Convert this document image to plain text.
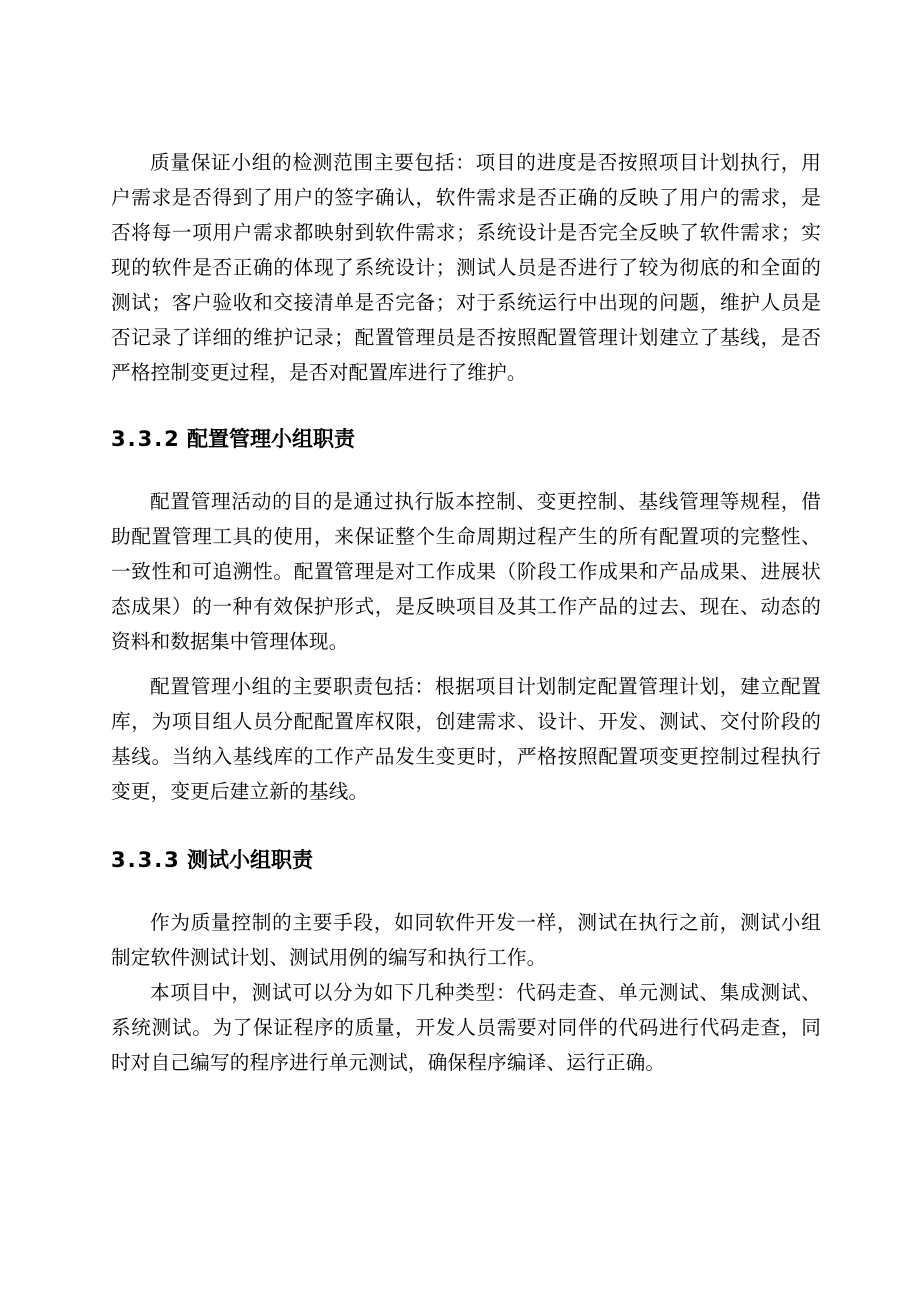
质量保证小组的检测范围主要包括：项目的进度是否按照项目计划执行，用户需求是否得到了用户的签字确认，软件需求是否正确的反映了用户的需求，是否将每一项用户需求都映射到软件需求；系统设计是否完全反映了软件需求；实现的软件是否正确的体现了系统设计；测试人员是否进行了较为彻底的和全面的测试；客户验收和交接清单是否完备；对于系统运行中出现的问题，维护人员是否记录了详细的维护记录；配置管理员是否按照配置管理计划建立了基线，是否严格控制变更过程，是否对配置库进行了维护。

3.3.2 配置管理小组职责

配置管理活动的目的是通过执行版本控制、变更控制、基线管理等规程，借助配置管理工具的使用，来保证整个生命周期过程产生的所有配置项的完整性、一致性和可追溯性。配置管理是对工作成果（阶段工作成果和产品成果、进展状态成果）的一种有效保护形式，是反映项目及其工作产品的过去、现在、动态的资料和数据集中管理体现。

配置管理小组的主要职责包括：根据项目计划制定配置管理计划，建立配置库，为项目组人员分配配置库权限，创建需求、设计、开发、测试、交付阶段的基线。当纳入基线库的工作产品发生变更时，严格按照配置项变更控制过程执行变更，变更后建立新的基线。

3.3.3 测试小组职责

作为质量控制的主要手段，如同软件开发一样，测试在执行之前，测试小组制定软件测试计划、测试用例的编写和执行工作。

本项目中，测试可以分为如下几种类型：代码走查、单元测试、集成测试、系统测试。为了保证程序的质量，开发人员需要对同伴的代码进行代码走查，同时对自己编写的程序进行单元测试，确保程序编译、运行正确。
